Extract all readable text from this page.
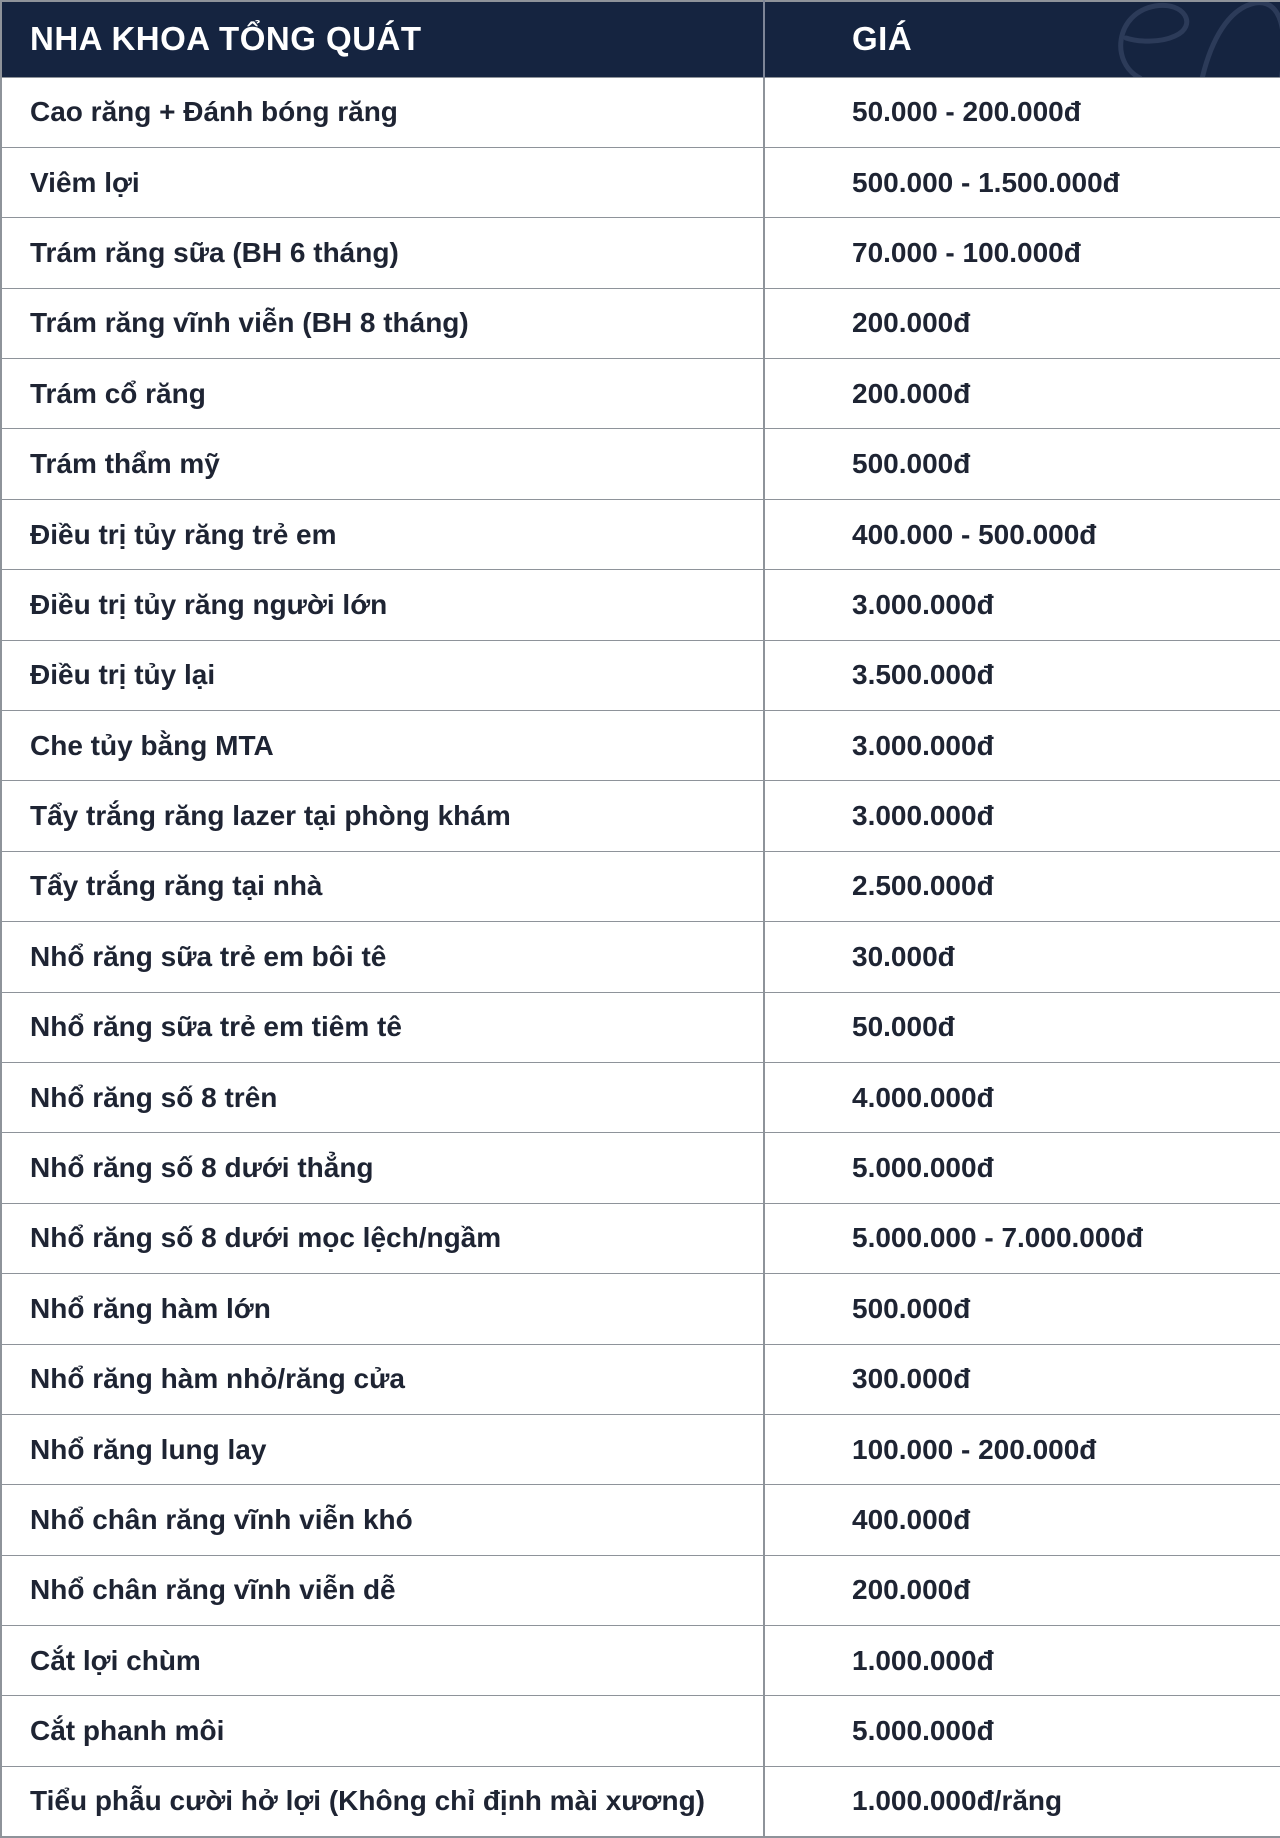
NHA KHOA TỔNG QUÁT	GIÁ

Cao răng + Đánh bóng răng	50.000 - 200.000đ
Viêm lợi	500.000 - 1.500.000đ
Trám răng sữa (BH 6 tháng)	70.000 - 100.000đ
Trám răng vĩnh viễn (BH 8 tháng)	200.000đ
Trám cổ răng	200.000đ
Trám thẩm mỹ	500.000đ
Điều trị tủy răng trẻ em	400.000 - 500.000đ
Điều trị tủy răng người lớn	3.000.000đ
Điều trị tủy lại	3.500.000đ
Che tủy bằng MTA	3.000.000đ
Tẩy trắng răng lazer tại phòng khám	3.000.000đ
Tẩy trắng răng tại nhà	2.500.000đ
Nhổ răng sữa trẻ em bôi tê	30.000đ
Nhổ răng sữa trẻ em tiêm tê	50.000đ
Nhổ răng số 8 trên	4.000.000đ
Nhổ răng số 8 dưới thẳng	5.000.000đ
Nhổ răng số 8 dưới mọc lệch/ngầm	5.000.000 - 7.000.000đ
Nhổ răng hàm lớn	500.000đ
Nhổ răng hàm nhỏ/răng cửa	300.000đ
Nhổ răng lung lay	100.000 - 200.000đ
Nhổ chân răng vĩnh viễn khó	400.000đ
Nhổ chân răng vĩnh viễn dễ	200.000đ
Cắt lợi chùm	1.000.000đ
Cắt phanh môi	5.000.000đ
Tiểu phẫu cười hở lợi (Không chỉ định mài xương)	1.000.000đ/răng
